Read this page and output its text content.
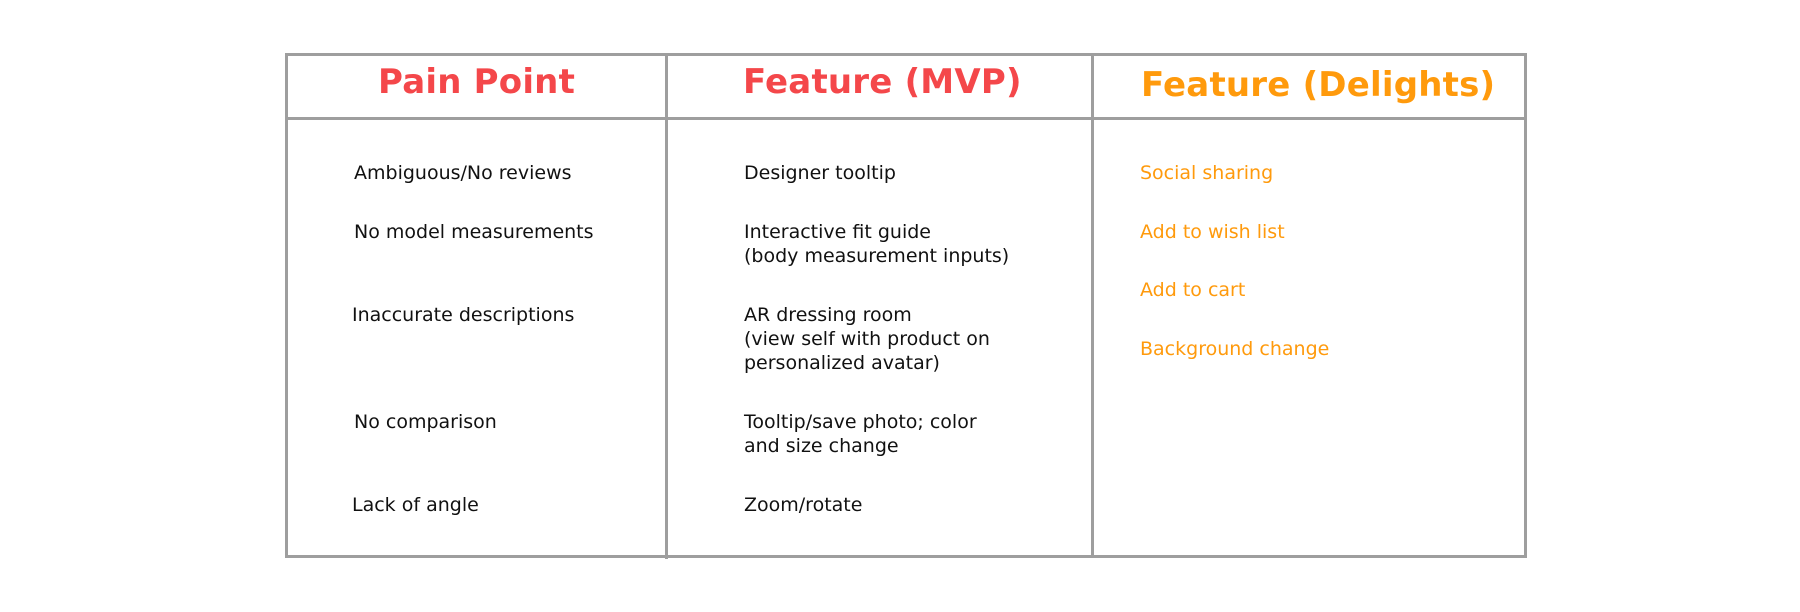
Pain Point	Feature (MVP)	Feature (Delights)
Ambiguous/No reviews
No model measurements
Inaccurate descriptions
No comparison
Lack of angle
Designer tooltip
Interactive fit guide
(body measurement inputs)
AR dressing room
(view self with product on
personalized avatar)
Tooltip/save photo; color
and size change
Zoom/rotate
Social sharing
Add to wish list
Add to cart
Background change
